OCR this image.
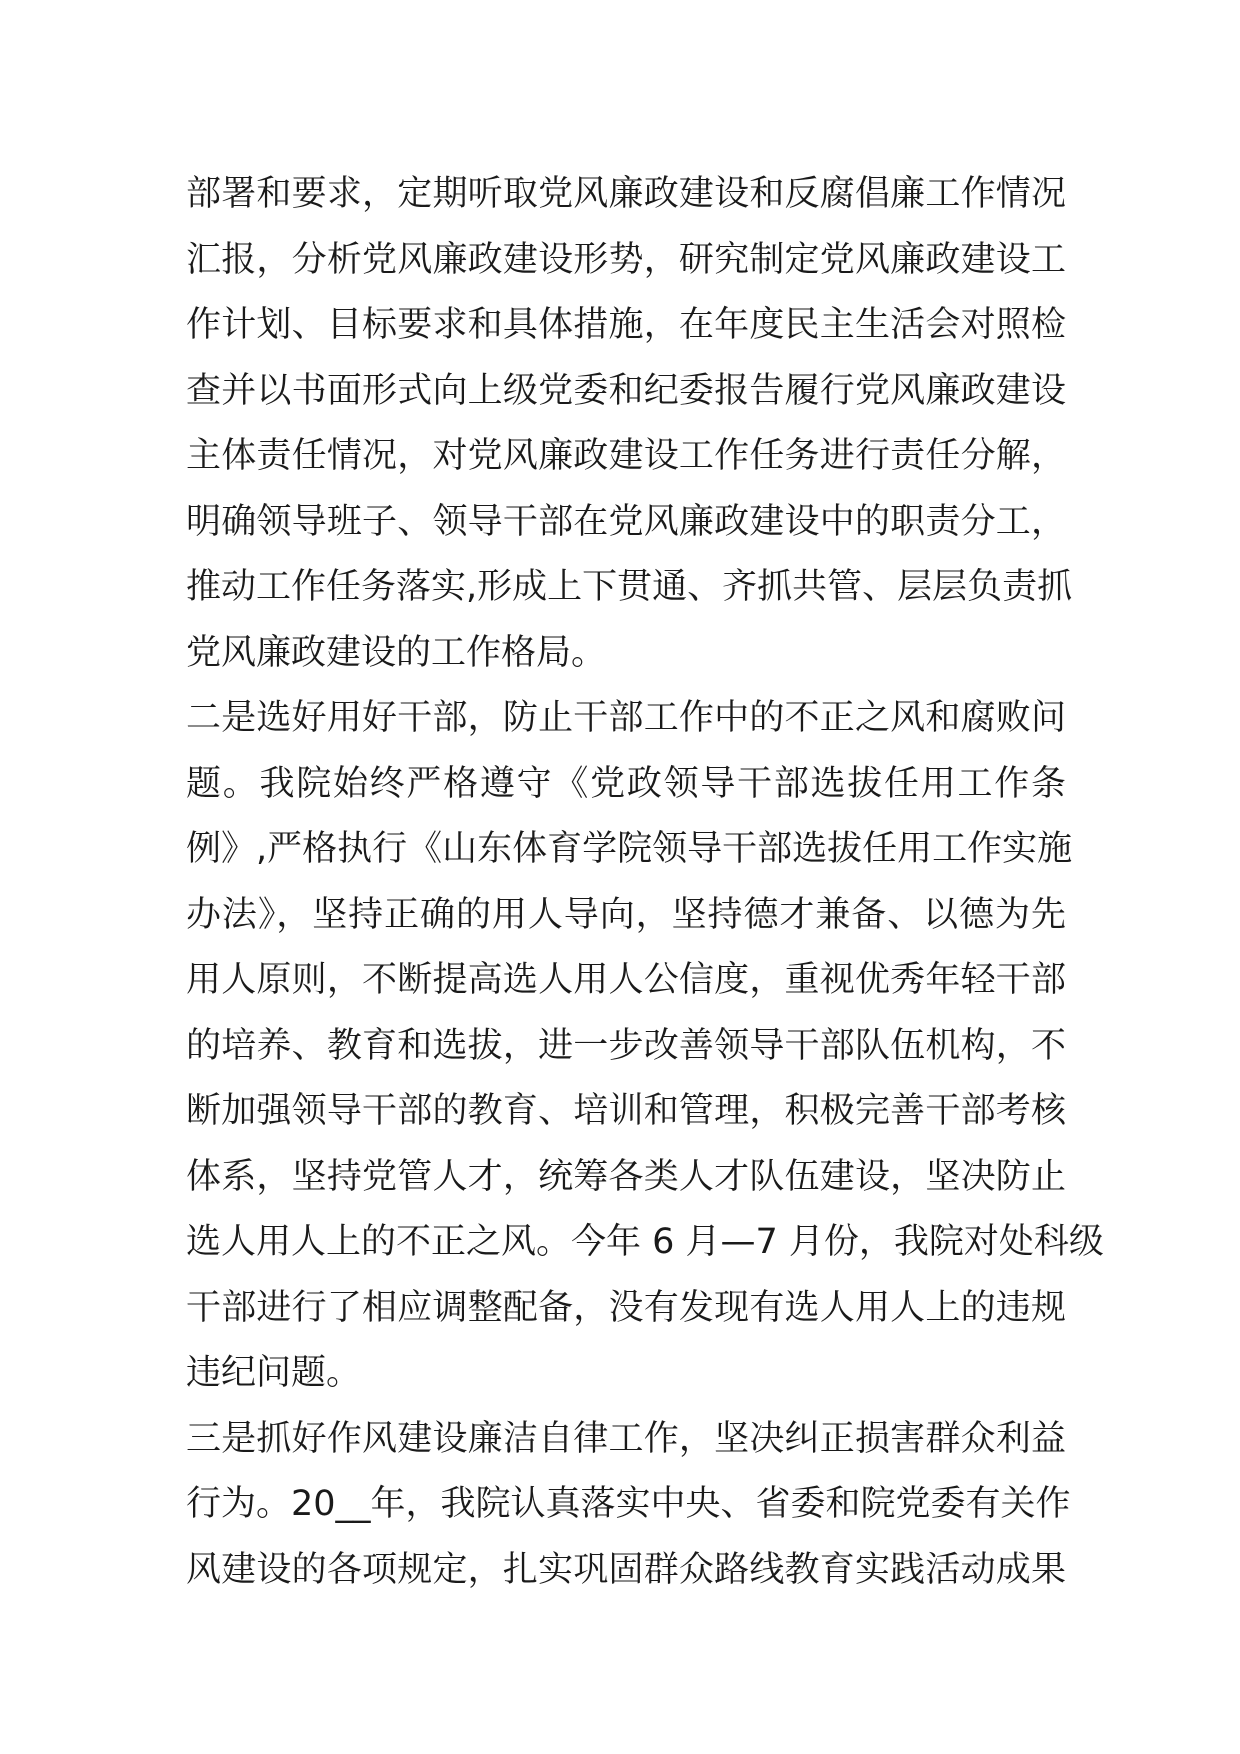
部署和要求，定期听取党风廉政建设和反腐倡廉工作情况
汇报，分析党风廉政建设形势，研究制定党风廉政建设工
作计划、目标要求和具体措施，在年度民主生活会对照检
查并以书面形式向上级党委和纪委报告履行党风廉政建设
主体责任情况，对党风廉政建设工作任务进行责任分解，
明确领导班子、领导干部在党风廉政建设中的职责分工，
推动工作任务落实,形成上下贯通、齐抓共管、层层负责抓
党风廉政建设的工作格局。
二是选好用好干部，防止干部工作中的不正之风和腐败问
题。我院始终严格遵守《党政领导干部选拔任用工作条
例》,严格执行《山东体育学院领导干部选拔任用工作实施
办法》，坚持正确的用人导向，坚持德才兼备、以德为先
用人原则，不断提高选人用人公信度，重视优秀年轻干部
的培养、教育和选拔，进一步改善领导干部队伍机构，不
断加强领导干部的教育、培训和管理，积极完善干部考核
体系，坚持党管人才，统筹各类人才队伍建设，坚决防止
选人用人上的不正之风。今年 6 月—7 月份，我院对处科级
干部进行了相应调整配备，没有发现有选人用人上的违规
违纪问题。
三是抓好作风建设廉洁自律工作，坚决纠正损害群众利益
行为。20__年，我院认真落实中央、省委和院党委有关作
风建设的各项规定，扎实巩固群众路线教育实践活动成果
